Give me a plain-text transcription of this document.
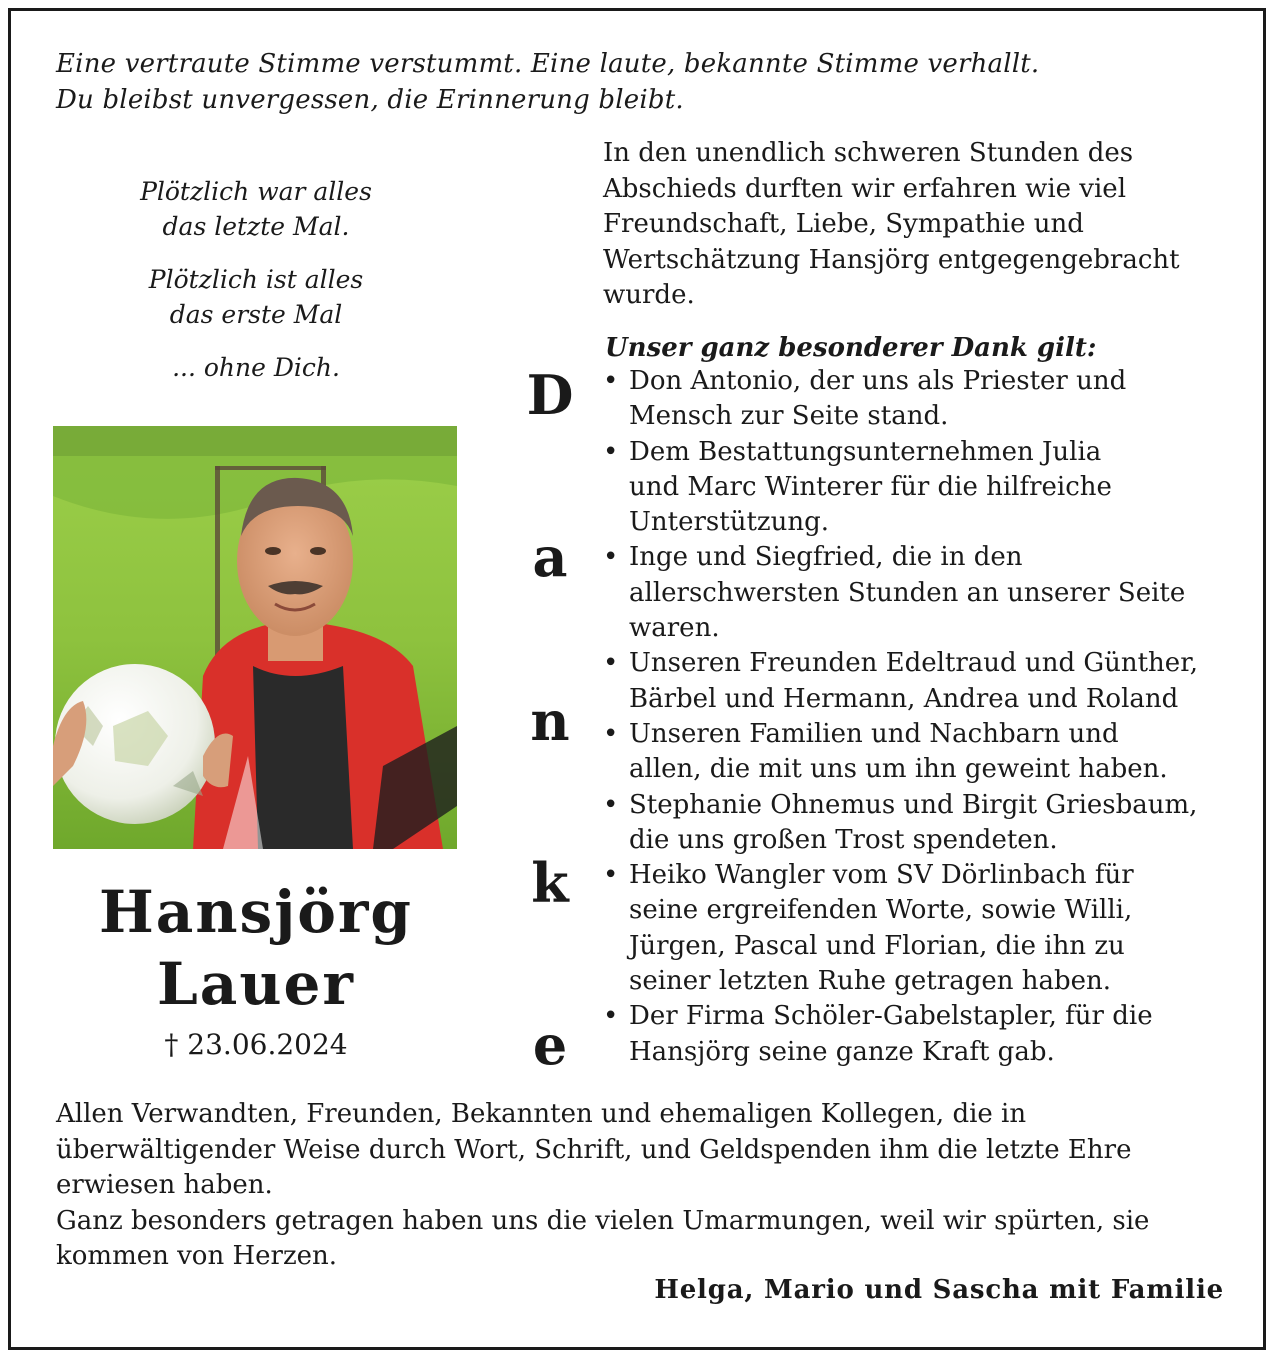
Eine vertraute Stimme verstummt. Eine laute, bekannte Stimme verhallt.
Du bleibst unvergessen, die Erinnerung bleibt.
Plötzlich war alles
das letzte Mal.
Plötzlich ist alles
das erste Mal
... ohne Dich.
Hansjörg
Lauer
† 23.06.2024
D
a
n
k
e
In den unendlich schweren Stunden des
Abschieds durften wir erfahren wie viel
Freundschaft, Liebe, Sympathie und
Wertschätzung Hansjörg entgegengebracht
wurde.
Unser ganz besonderer Dank gilt:
• Don Antonio, der uns als Priester und
Mensch zur Seite stand.
• Dem Bestattungsunternehmen Julia
und Marc Winterer für die hilfreiche
Unterstützung.
• Inge und Siegfried, die in den
allerschwersten Stunden an unserer Seite
waren.
• Unseren Freunden Edeltraud und Günther,
Bärbel und Hermann, Andrea und Roland
• Unseren Familien und Nachbarn und
allen, die mit uns um ihn geweint haben.
• Stephanie Ohnemus und Birgit Griesbaum,
die uns großen Trost spendeten.
• Heiko Wangler vom SV Dörlinbach für
seine ergreifenden Worte, sowie Willi,
Jürgen, Pascal und Florian, die ihn zu
seiner letzten Ruhe getragen haben.
• Der Firma Schöler-Gabelstapler, für die
Hansjörg seine ganze Kraft gab.
Allen Verwandten, Freunden, Bekannten und ehemaligen Kollegen, die in
überwältigender Weise durch Wort, Schrift, und Geldspenden ihm die letzte Ehre
erwiesen haben.
Ganz besonders getragen haben uns die vielen Umarmungen, weil wir spürten, sie
kommen von Herzen.
Helga, Mario und Sascha mit Familie
